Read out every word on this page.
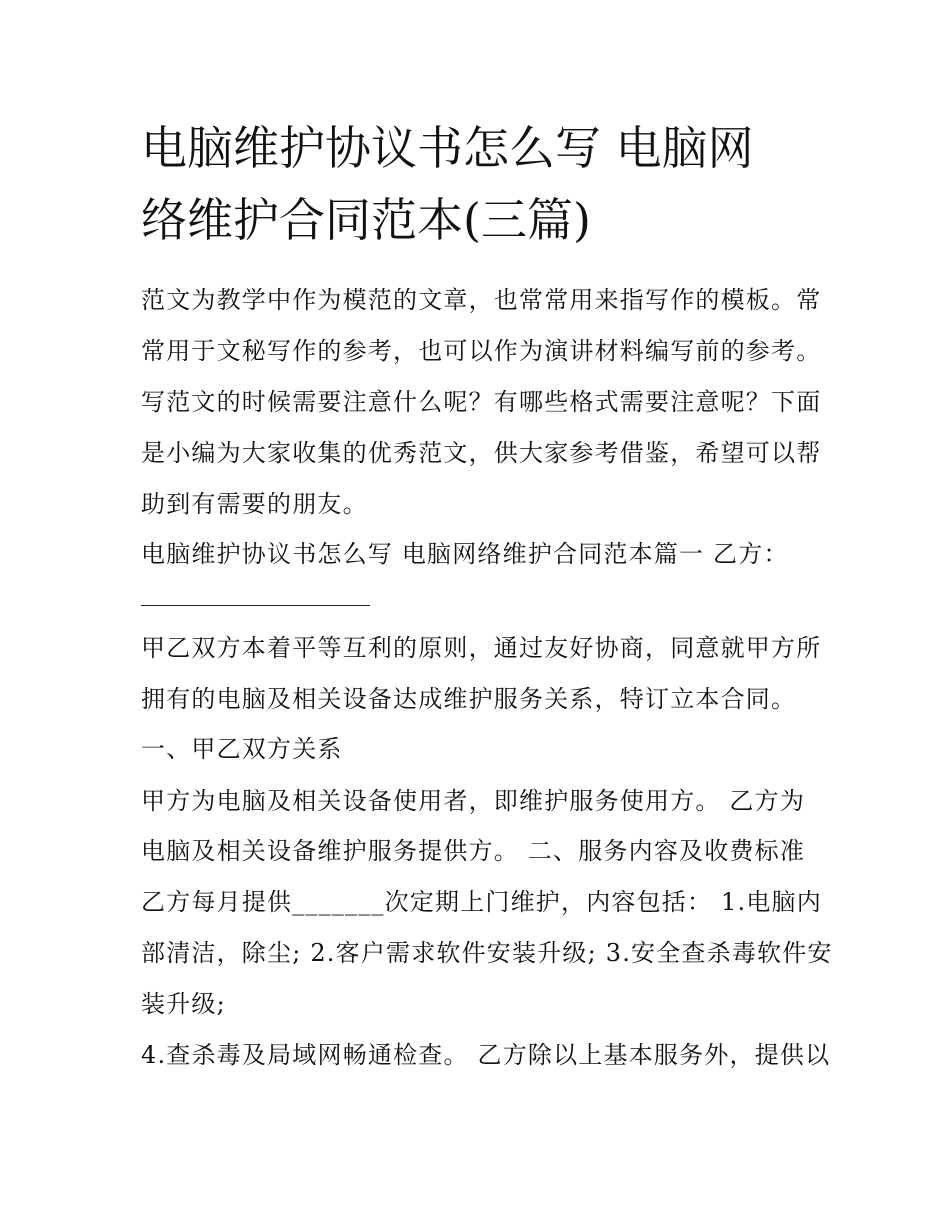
电脑维护协议书怎么写 电脑网
络维护合同范本(三篇)
范文为教学中作为模范的文章，也常常用来指写作的模板。常
常用于文秘写作的参考，也可以作为演讲材料编写前的参考。
写范文的时候需要注意什么呢？有哪些格式需要注意呢？下面
是小编为大家收集的优秀范文，供大家参考借鉴，希望可以帮
助到有需要的朋友。
电脑维护协议书怎么写 电脑网络维护合同范本篇一 乙方：
甲乙双方本着平等互利的原则，通过友好协商，同意就甲方所
拥有的电脑及相关设备达成维护服务关系，特订立本合同。
一、甲乙双方关系
甲方为电脑及相关设备使用者，即维护服务使用方。 乙方为
电脑及相关设备维护服务提供方。 二、服务内容及收费标准
乙方每月提供_______次定期上门维护，内容包括： 1.电脑内
部清洁，除尘; 2.客户需求软件安装升级; 3.安全查杀毒软件安
装升级;
4.查杀毒及局域网畅通检查。 乙方除以上基本服务外，提供以
